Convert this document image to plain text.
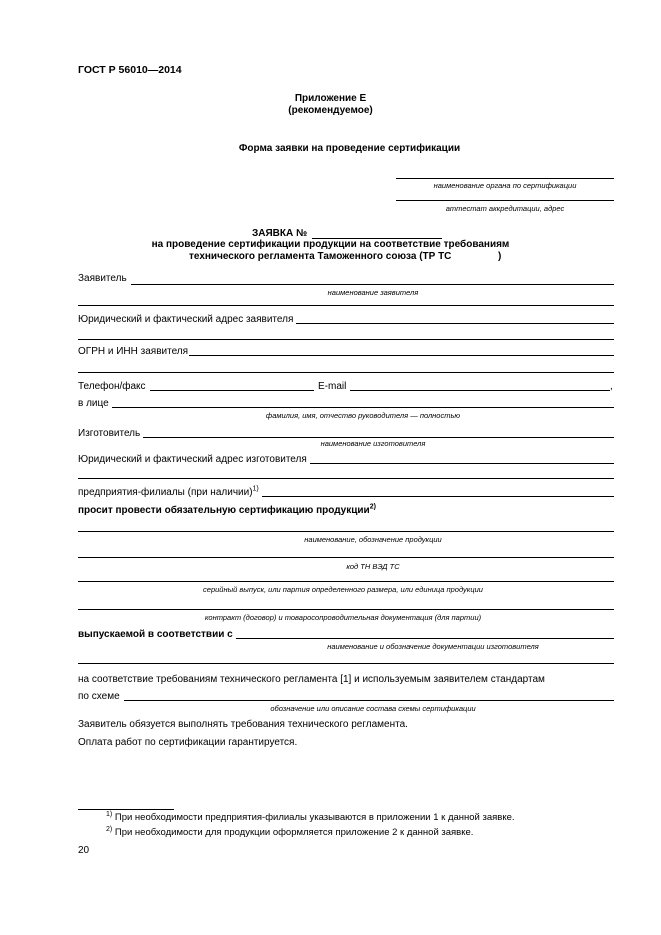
ГОСТ Р 56010—2014
Приложение Е
(рекомендуемое)
Форма заявки на проведение сертификации
наименование органа по сертификации
аттестат аккредитации, адрес
ЗАЯВКА №
на проведение сертификации продукции на соответствие требованиям
технического регламента Таможенного союза (ТР ТС	)
Заявитель
наименование заявителя
Юридический и фактический адрес заявителя
ОГРН и ИНН заявителя
Телефон/факс	E-mail	,
в лице
фамилия, имя, отчество руководителя — полностью
Изготовитель
наименование изготовителя
Юридический и фактический адрес изготовителя
предприятия-филиалы (при наличии)$^{1)}$
просит провести обязательную сертификацию продукции$^{2)}$
наименование, обозначение продукции
код ТН ВЭД ТС
серийный выпуск, или партия определенного размера, или единица продукции
контракт (договор) и товаросопроводительная документация (для партии)
выпускаемой в соответствии с
наименование и обозначение документации изготовителя
на соответствие требованиям технического регламента [1] и используемым заявителем стандартам
по схеме
обозначение или описание состава схемы сертификации
Заявитель обязуется выполнять требования технического регламента.
Оплата работ по сертификации гарантируется.
$^{1)}$ При необходимости предприятия-филиалы указываются в приложении 1 к данной заявке.
$^{2)}$ При необходимости для продукции оформляется приложение 2 к данной заявке.
20
